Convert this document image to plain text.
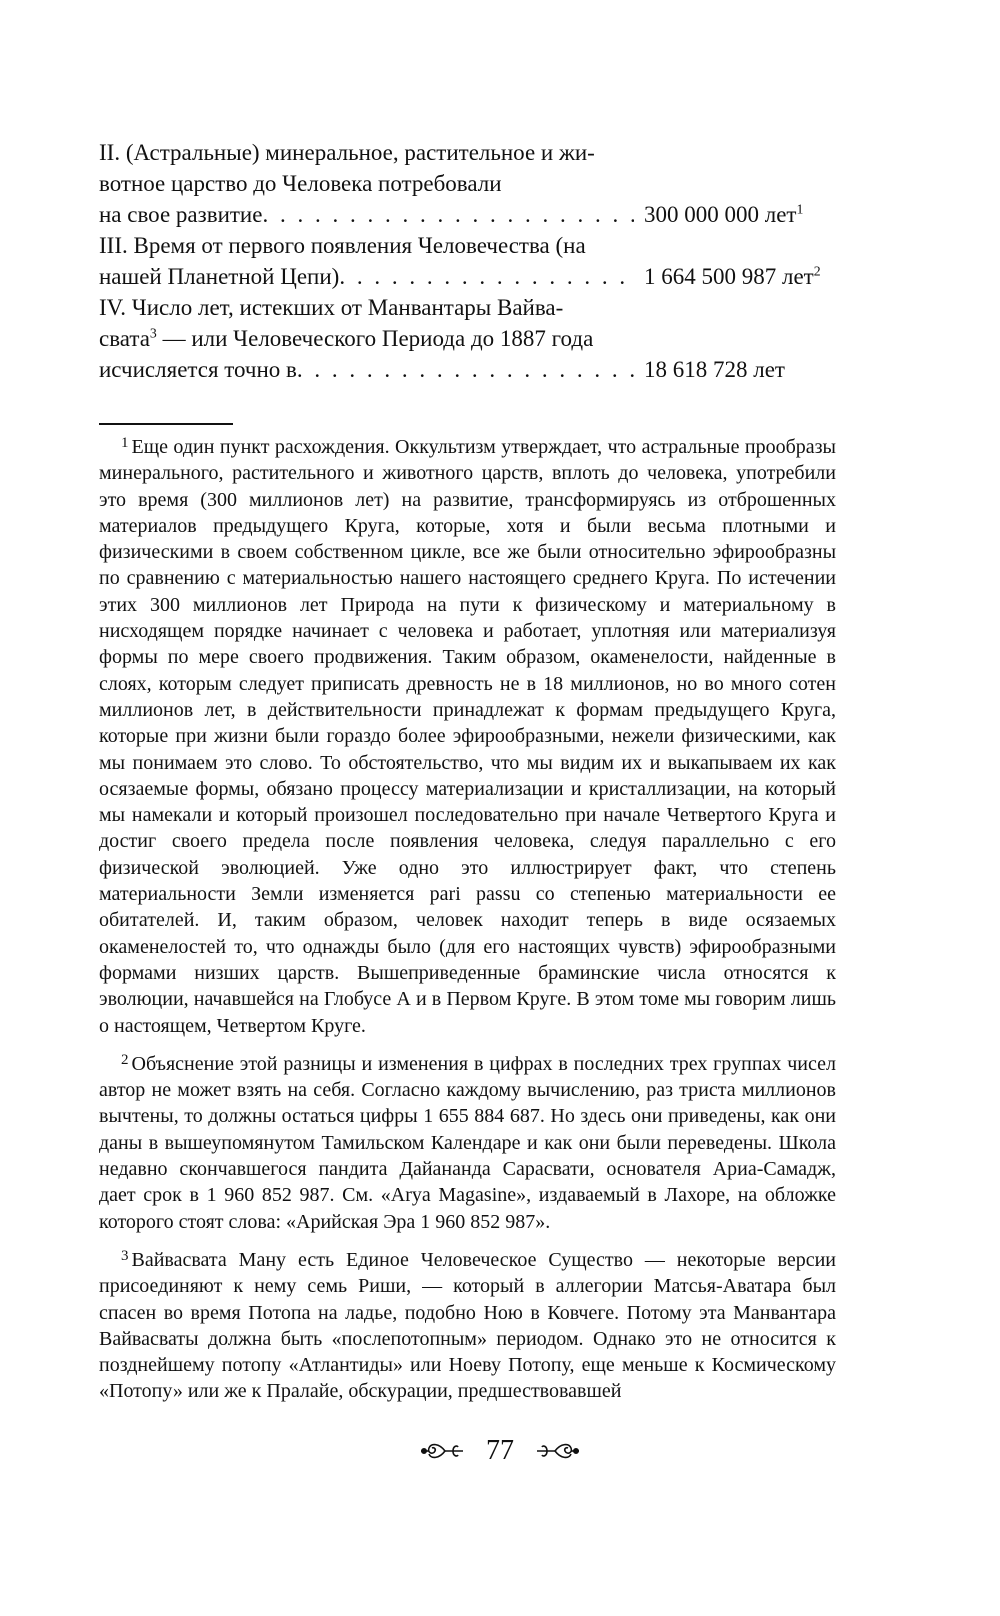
II. (Астральные) минеральное, растительное и жи-
вотное царство до Человека потребовали
на свое развитие . . .	300 000 000 лет$^1$
III. Время от первого появления Человечества (на
нашей Планетной Цепи) . . .	1 664 500 987 лет$^2$
IV. Число лет, истекших от Манвантары Вайва-
свата$^3$ — или Человеческого Периода до 1887 года
исчисляется точно в . . .	18 618 728 лет

$^1$ Еще один пункт расхождения. Оккультизм утверждает, что астральные прообразы минерального, растительного и животного царств, вплоть до человека, употребили это время (300 миллионов лет) на развитие, трансформируясь из отброшенных материалов предыдущего Круга, которые, хотя и были весьма плотными и физическими в своем собственном цикле, все же были относительно эфирообразны по сравнению с материальностью нашего настоящего среднего Круга. По истечении этих 300 миллионов лет Природа на пути к физическому и материальному в нисходящем порядке начинает с человека и работает, уплотняя или материализуя формы по мере своего продвижения. Таким образом, окаменелости, найденные в слоях, которым следует приписать древность не в 18 миллионов, но во много сотен миллионов лет, в действительности принадлежат к формам предыдущего Круга, которые при жизни были гораздо более эфирообразными, нежели физическими, как мы понимаем это слово. То обстоятельство, что мы видим их и выкапываем их как осязаемые формы, обязано процессу материализации и кристаллизации, на который мы намекали и который произошел последовательно при начале Четвертого Круга и достиг своего предела после появления человека, следуя параллельно с его физической эволюцией. Уже одно это иллюстрирует факт, что степень материальности Земли изменяется pari passu со степенью материальности ее обитателей. И, таким образом, человек находит теперь в виде осязаемых окаменелостей то, что однажды было (для его настоящих чувств) эфирообразными формами низших царств. Вышеприведенные браминские числа относятся к эволюции, начавшейся на Глобусе А и в Первом Круге. В этом томе мы говорим лишь о настоящем, Четвертом Круге.

$^2$ Объяснение этой разницы и изменения в цифрах в последних трех группах чисел автор не может взять на себя. Согласно каждому вычислению, раз триста миллионов вычтены, то должны остаться цифры 1 655 884 687. Но здесь они приведены, как они даны в вышеупомянутом Тамильском Календаре и как они были переведены. Школа недавно скончавшегося пандита Дайананда Сарасвати, основателя Ариа-Самадж, дает срок в 1 960 852 987. См. «Arya Magasine», издаваемый в Лахоре, на обложке которого стоят слова: «Арийская Эра 1 960 852 987».

$^3$ Вайвасвата Ману есть Единое Человеческое Существо — некоторые версии присоединяют к нему семь Риши, — который в аллегории Матсья-Аватара был спасен во время Потопа на ладье, подобно Ною в Ковчеге. Потому эта Манвантара Вайвасваты должна быть «послепотопным» периодом. Однако это не относится к позднейшему потопу «Атлантиды» или Ноеву Потопу, еще меньше к Космическому «Потопу» или же к Пралайе, обскурации, предшествовавшей

77
